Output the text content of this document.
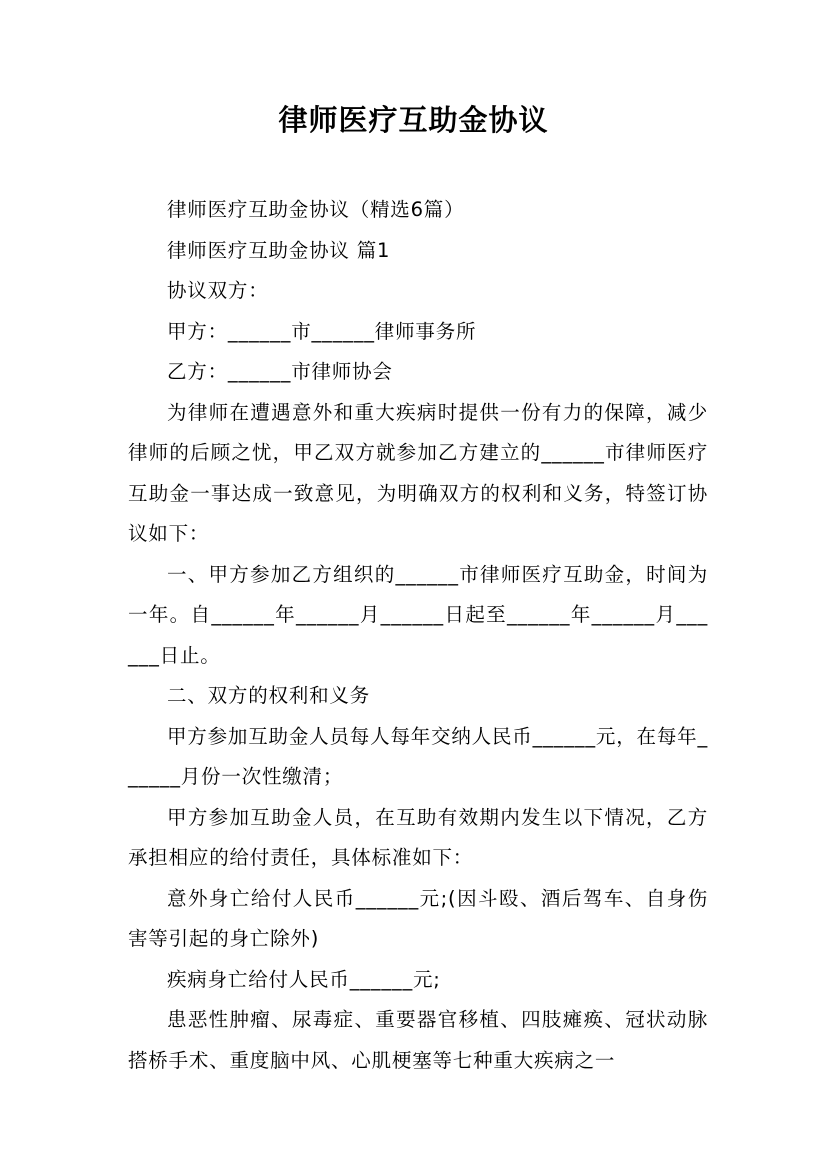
律师医疗互助金协议

律师医疗互助金协议（精选6篇）

律师医疗互助金协议 篇1

协议双方：

甲方：______市______律师事务所

乙方：______市律师协会

为律师在遭遇意外和重大疾病时提供一份有力的保障，减少律师的后顾之忧，甲乙双方就参加乙方建立的______市律师医疗互助金一事达成一致意见，为明确双方的权利和义务，特签订协议如下：

一、甲方参加乙方组织的______市律师医疗互助金，时间为一年。自______年______月______日起至______年______月______日止。

二、双方的权利和义务

甲方参加互助金人员每人每年交纳人民币______元，在每年______月份一次性缴清；

甲方参加互助金人员，在互助有效期内发生以下情况，乙方承担相应的给付责任，具体标准如下：

意外身亡给付人民币______元;(因斗殴、酒后驾车、自身伤害等引起的身亡除外)

疾病身亡给付人民币______元;

患恶性肿瘤、尿毒症、重要器官移植、四肢瘫痪、冠状动脉搭桥手术、重度脑中风、心肌梗塞等七种重大疾病之一
